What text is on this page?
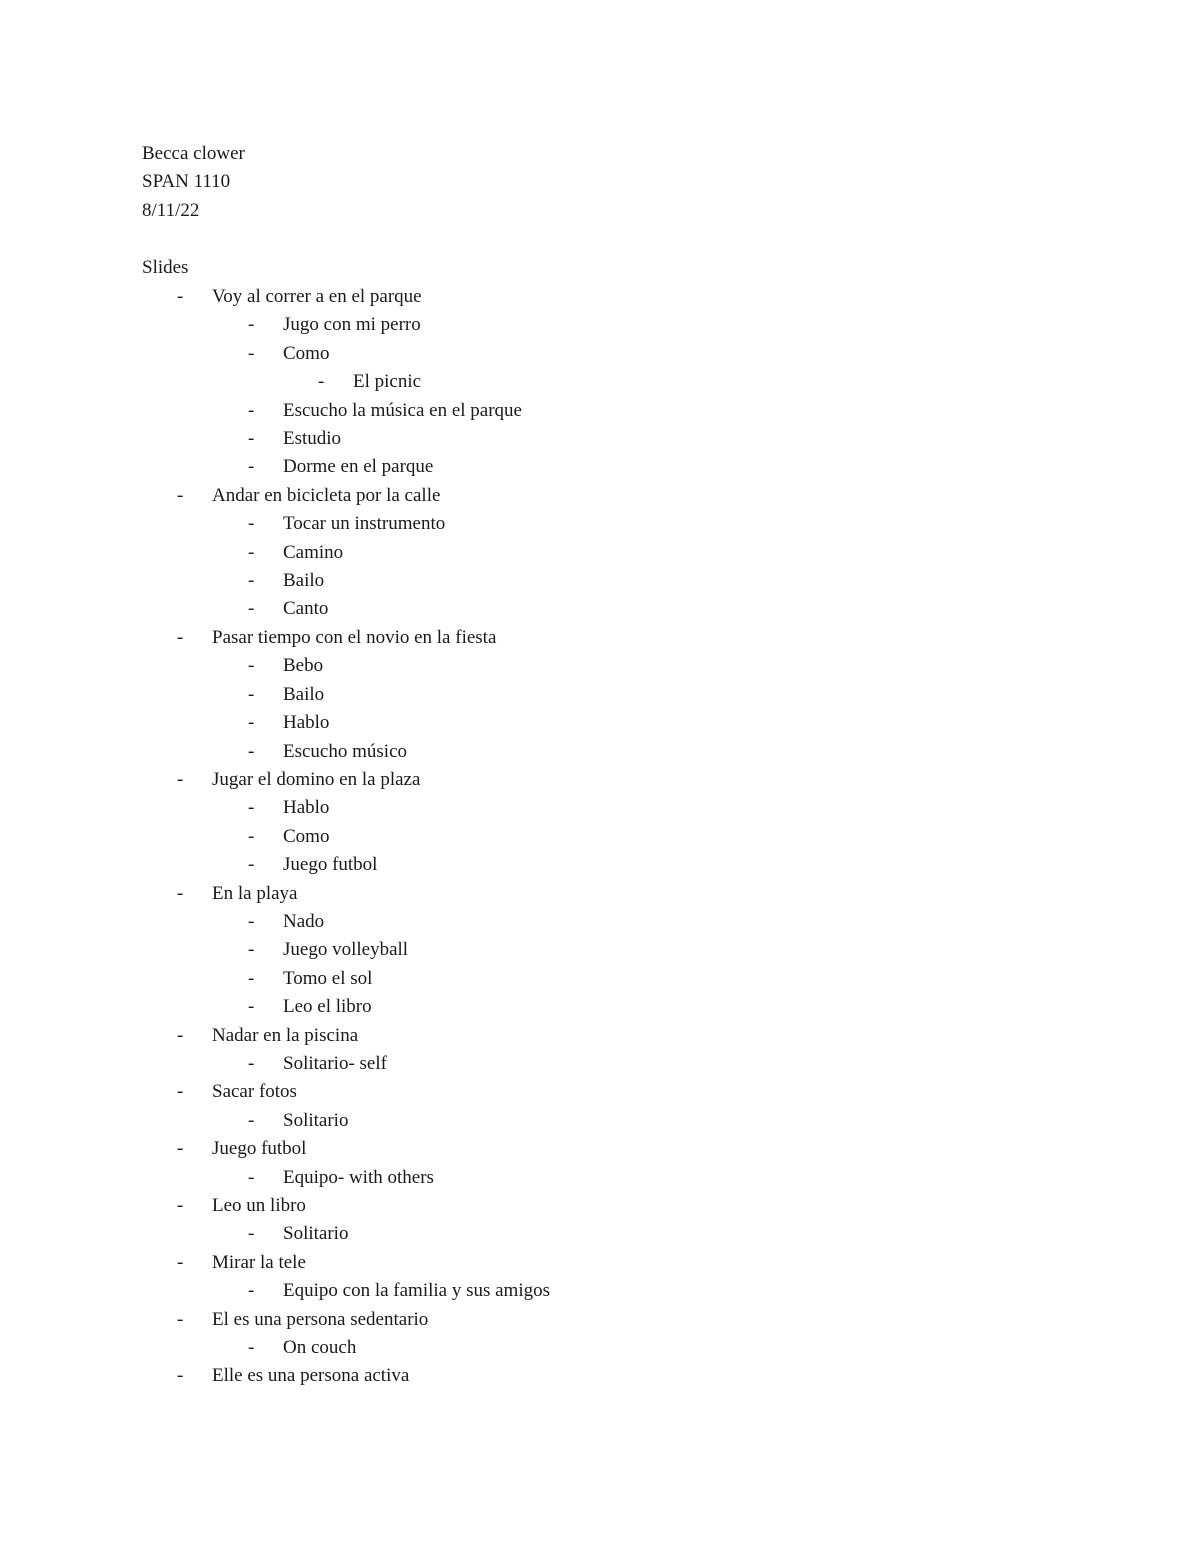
Becca clower
SPAN 1110
8/11/22
Slides
- Voy al correr a en el parque
- Jugo con mi perro
- Como
- El picnic
- Escucho la música en el parque
- Estudio
- Dorme en el parque
- Andar en bicicleta por la calle
- Tocar un instrumento
- Camino
- Bailo
- Canto
- Pasar tiempo con el novio en la fiesta
- Bebo
- Bailo
- Hablo
- Escucho músico
- Jugar el domino en la plaza
- Hablo
- Como
- Juego futbol
- En la playa
- Nado
- Juego volleyball
- Tomo el sol
- Leo el libro
- Nadar en la piscina
- Solitario- self
- Sacar fotos
- Solitario
- Juego futbol
- Equipo- with others
- Leo un libro
- Solitario
- Mirar la tele
- Equipo con la familia y sus amigos
- El es una persona sedentario
- On couch
- Elle es una persona activa
